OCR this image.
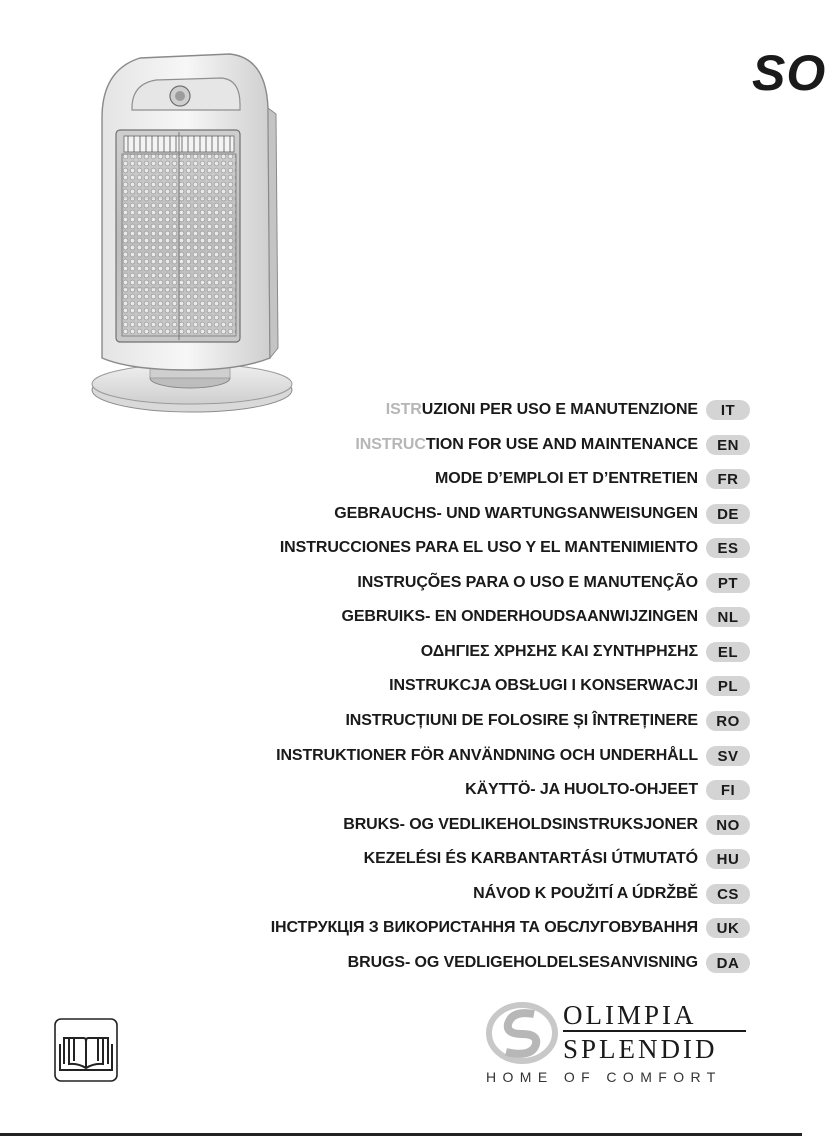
SO
ISTRUZIONI PER USO E MANUTENZIONE	IT
INSTRUCTION FOR USE AND MAINTENANCE	EN
MODE D’EMPLOI ET D’ENTRETIEN	FR
GEBRAUCHS- UND WARTUNGSANWEISUNGEN	DE
INSTRUCCIONES PARA EL USO Y EL MANTENIMIENTO	ES
INSTRUÇÕES PARA O USO E MANUTENÇÃO	PT
GEBRUIKS- EN ONDERHOUDSAANWIJZINGEN	NL
ΟΔΗΓΙΕΣ ΧΡΗΣΗΣ ΚΑΙ ΣΥΝΤΗΡΗΣΗΣ	EL
INSTRUKCJA OBSŁUGI I KONSERWACJI	PL
INSTRUCȚIUNI DE FOLOSIRE ȘI ÎNTREȚINERE	RO
INSTRUKTIONER FÖR ANVÄNDNING OCH UNDERHÅLL	SV
KÄYTTÖ- JA HUOLTO-OHJEET	FI
BRUKS- OG VEDLIKEHOLDSINSTRUKSJONER	NO
KEZELÉSI ÉS KARBANTARTÁSI ÚTMUTATÓ	HU
NÁVOD K POUŽITÍ A ÚDRŽBĚ	CS
ІНСТРУКЦІЯ З ВИКОРИСТАННЯ ТА ОБСЛУГОВУВАННЯ	UK
BRUGS- OG VEDLIGEHOLDELSESANVISNING	DA
OLIMPIA
SPLENDID
HOME OF COMFORT
